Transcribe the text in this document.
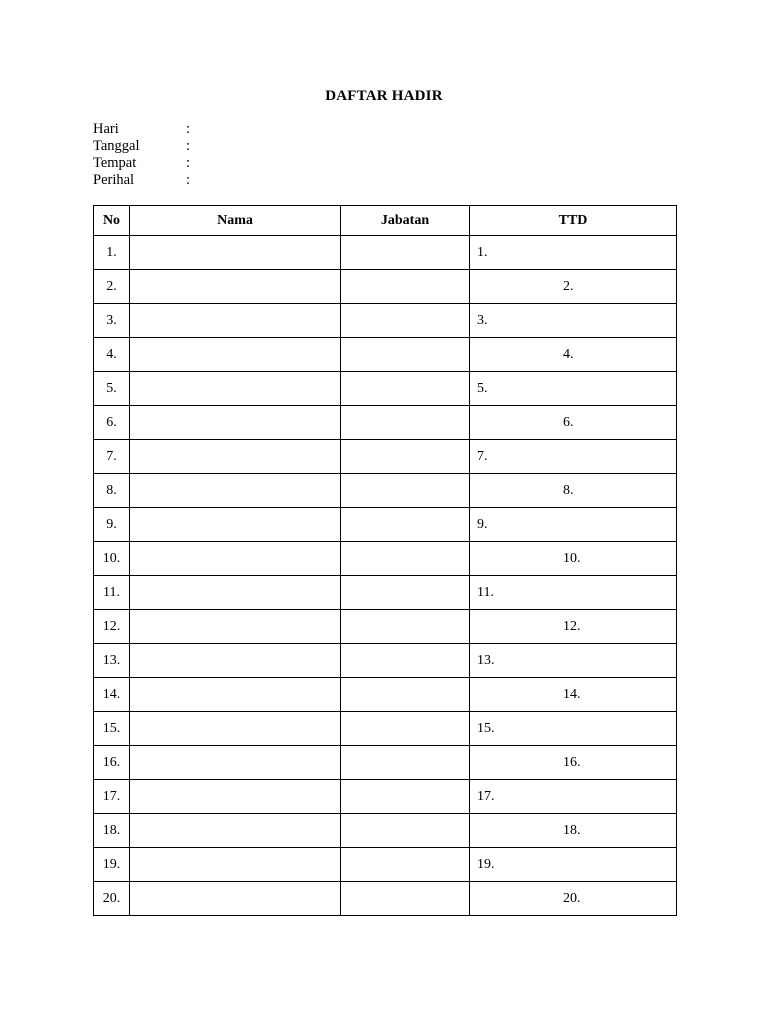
DAFTAR HADIR
Hari	:
Tanggal	:
Tempat	:
Perihal	:
No	Nama	Jabatan	TTD
1.			1.
2.			2.
3.			3.
4.			4.
5.			5.
6.			6.
7.			7.
8.			8.
9.			9.
10.			10.
11.			11.
12.			12.
13.			13.
14.			14.
15.			15.
16.			16.
17.			17.
18.			18.
19.			19.
20.			20.
